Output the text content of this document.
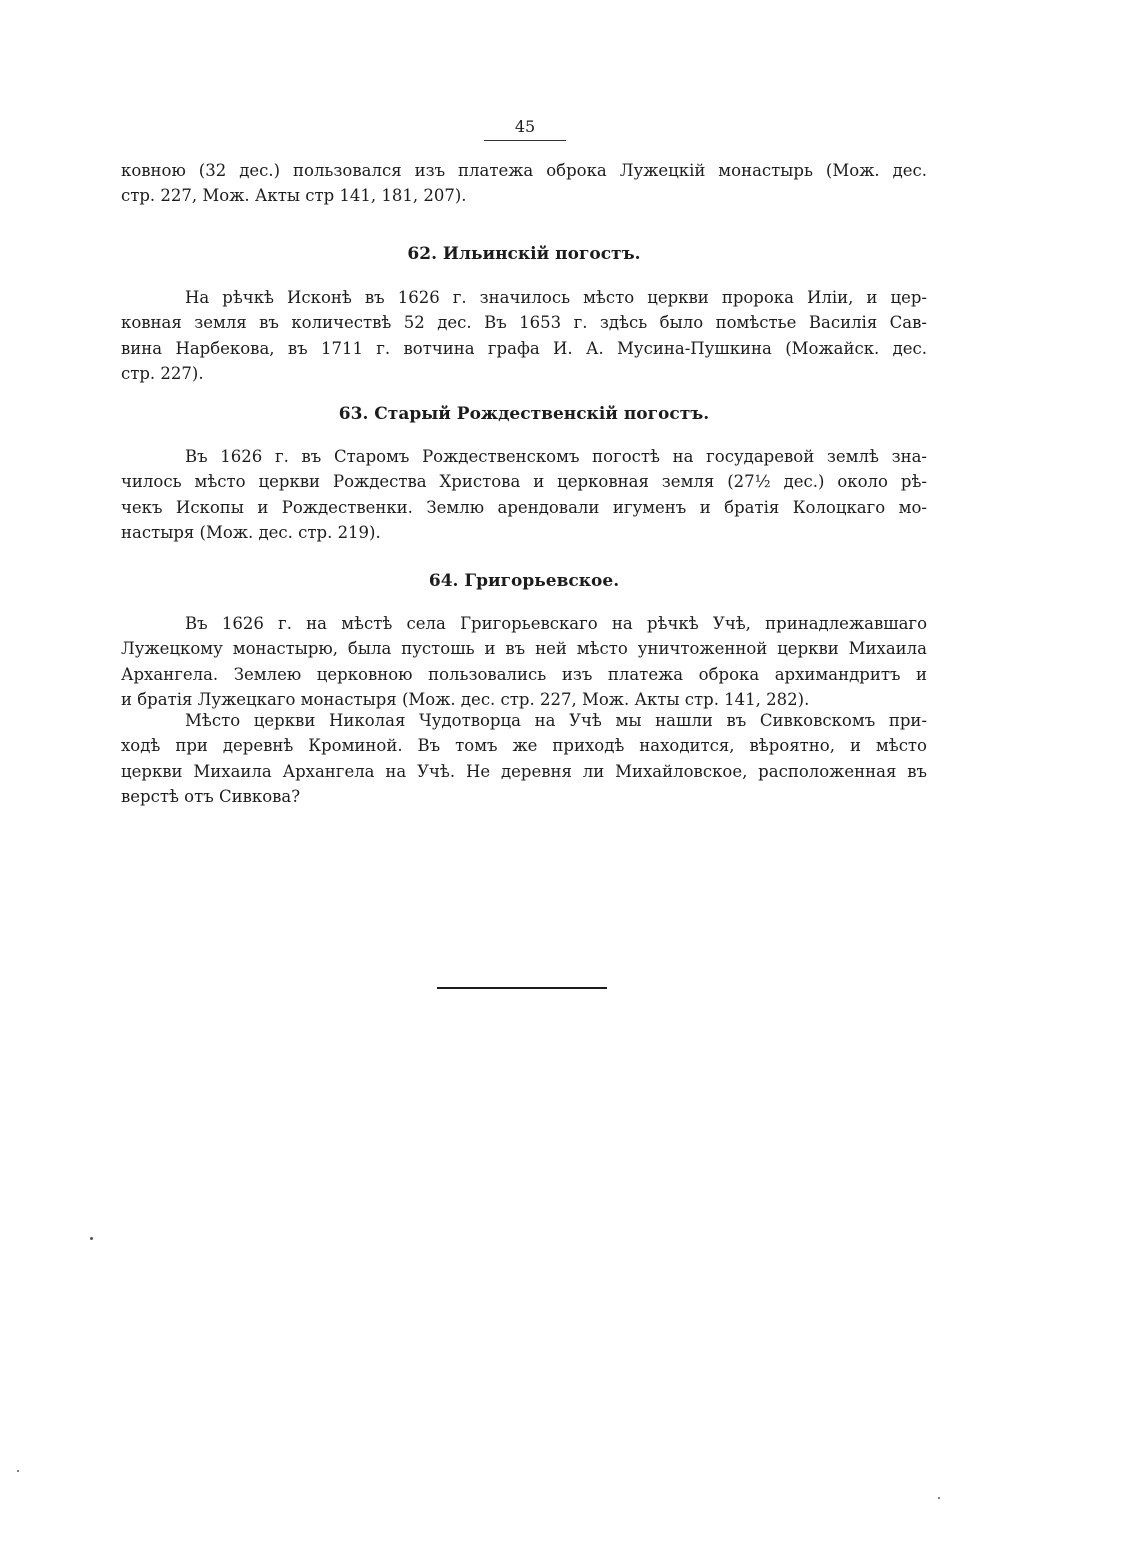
45
ковною (32 дес.) пользовался изъ платежа оброка Лужецкій монастырь (Мож. дес.
стр. 227, Мож. Акты стр 141, 181, 207).
62. Ильинскій погостъ.
На рѣчкѣ Исконѣ въ 1626 г. значилось мѣсто церкви пророка Иліи, и цер-
ковная земля въ количествѣ 52 дес. Въ 1653 г. здѣсь было помѣстье Василія Сав-
вина Нарбекова, въ 1711 г. вотчина графа И. А. Мусина-Пушкина (Можайск. дес.
стр. 227).
63. Старый Рождественскій погостъ.
Въ 1626 г. въ Старомъ Рождественскомъ погостѣ на государевой землѣ зна-
чилось мѣсто церкви Рождества Христова и церковная земля (27½ дес.) около рѣ-
чекъ Ископы и Рождественки. Землю арендовали игуменъ и братія Колоцкаго мо-
настыря (Мож. дес. стр. 219).
64. Григорьевское.
Въ 1626 г. на мѣстѣ села Григорьевскаго на рѣчкѣ Учѣ, принадлежавшаго
Лужецкому монастырю, была пустошь и въ ней мѣсто уничтоженной церкви Михаила
Архангела. Землею церковною пользовались изъ платежа оброка архимандритъ и
и братія Лужецкаго монастыря (Мож. дес. стр. 227, Мож. Акты стр. 141, 282).
Мѣсто церкви Николая Чудотворца на Учѣ мы нашли въ Сивковскомъ при-
ходѣ при деревнѣ Кроминой. Въ томъ же приходѣ находится, вѣроятно, и мѣсто
церкви Михаила Архангела на Учѣ. Не деревня ли Михайловское, расположенная въ
верстѣ отъ Сивкова?
